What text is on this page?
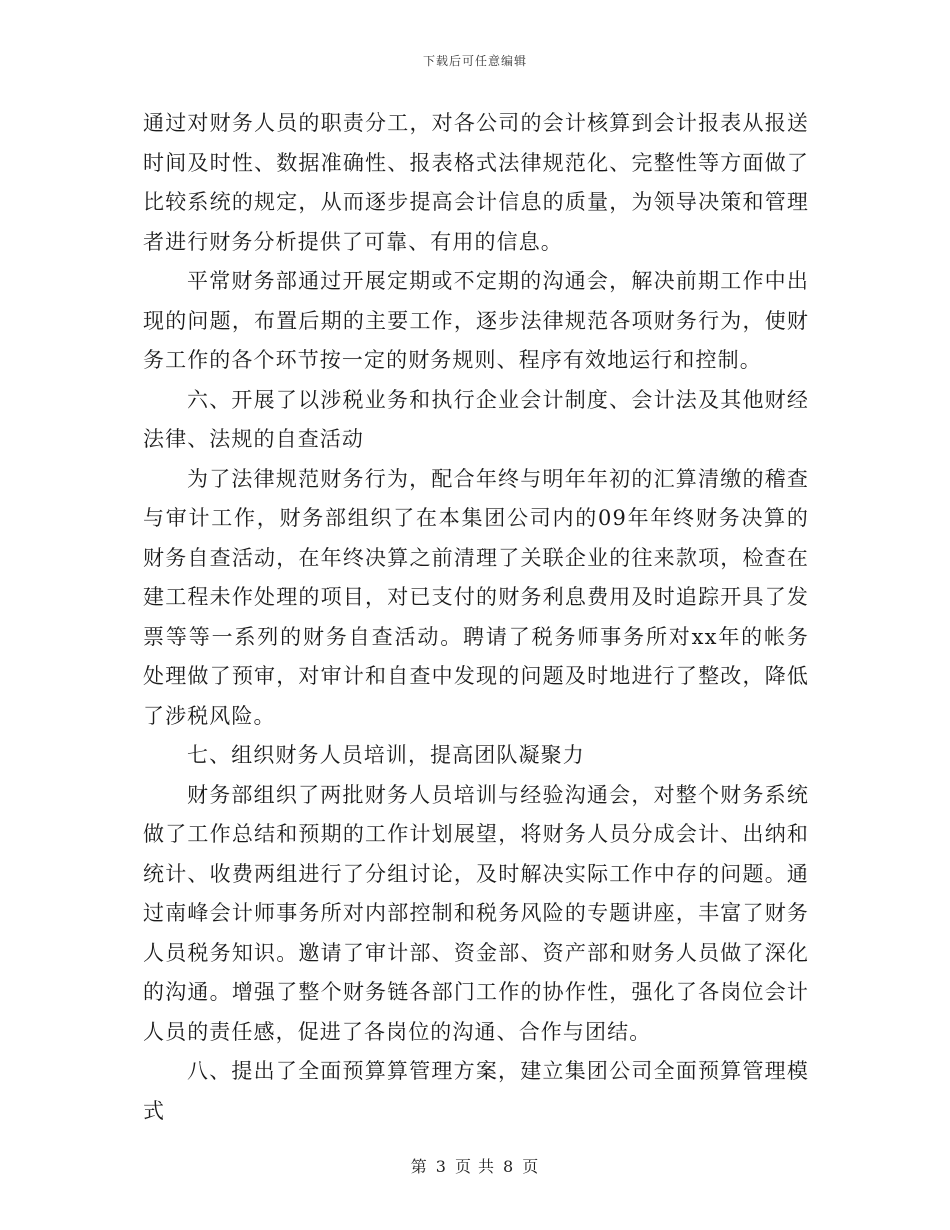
下载后可任意编辑

通过对财务人员的职责分工，对各公司的会计核算到会计报表从报送时间及时性、数据准确性、报表格式法律规范化、完整性等方面做了比较系统的规定，从而逐步提高会计信息的质量，为领导决策和管理者进行财务分析提供了可靠、有用的信息。

平常财务部通过开展定期或不定期的沟通会，解决前期工作中出现的问题，布置后期的主要工作，逐步法律规范各项财务行为，使财务工作的各个环节按一定的财务规则、程序有效地运行和控制。

六、开展了以涉税业务和执行企业会计制度、会计法及其他财经法律、法规的自查活动

为了法律规范财务行为，配合年终与明年年初的汇算清缴的稽查与审计工作，财务部组织了在本集团公司内的09年年终财务决算的财务自查活动，在年终决算之前清理了关联企业的往来款项，检查在建工程未作处理的项目，对已支付的财务利息费用及时追踪开具了发票等等一系列的财务自查活动。聘请了税务师事务所对xx年的帐务处理做了预审，对审计和自查中发现的问题及时地进行了整改，降低了涉税风险。

七、组织财务人员培训，提高团队凝聚力

财务部组织了两批财务人员培训与经验沟通会，对整个财务系统做了工作总结和预期的工作计划展望，将财务人员分成会计、出纳和统计、收费两组进行了分组讨论，及时解决实际工作中存的问题。通过南峰会计师事务所对内部控制和税务风险的专题讲座，丰富了财务人员税务知识。邀请了审计部、资金部、资产部和财务人员做了深化的沟通。增强了整个财务链各部门工作的协作性，强化了各岗位会计人员的责任感，促进了各岗位的沟通、合作与团结。

八、提出了全面预算算管理方案，建立集团公司全面预算管理模式

第 3 页 共 8 页
